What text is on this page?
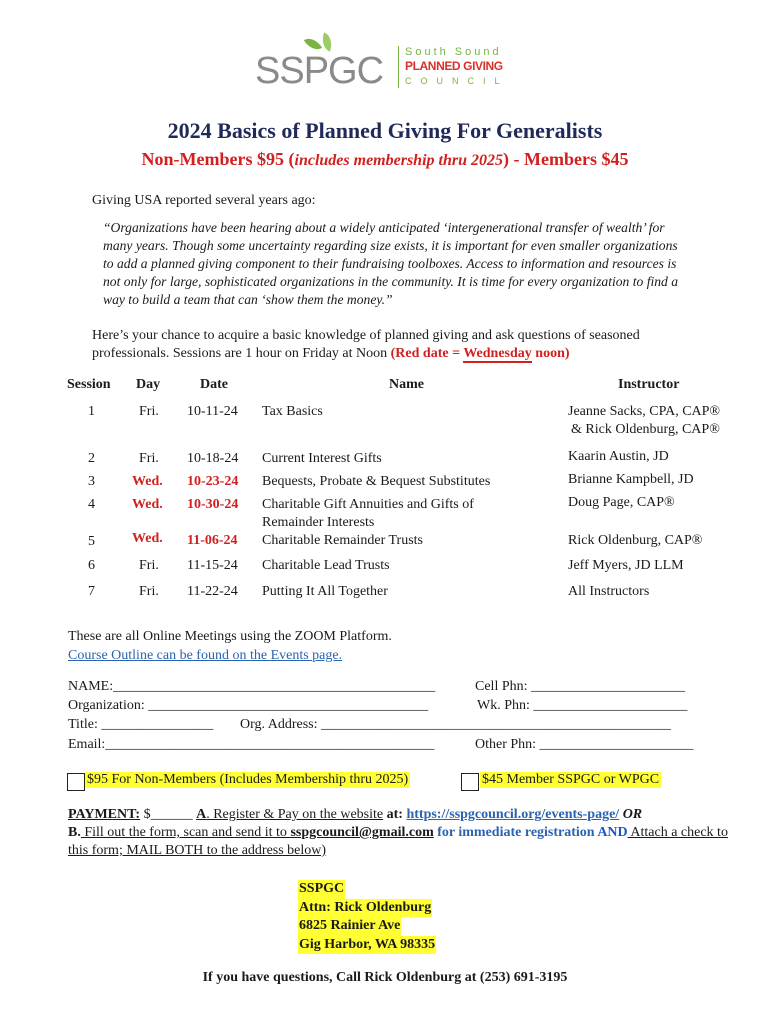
SSPGC South Sound
PLANNED GIVING
COUNCIL
2024 Basics of Planned Giving For Generalists
Non-Members $95 (includes membership thru 2025) - Members $45
Giving USA reported several years ago:
“Organizations have been hearing about a widely anticipated ‘intergenerational transfer of wealth’ for many years. Though some uncertainty regarding size exists, it is important for even smaller organizations to add a planned giving component to their fundraising toolboxes. Access to information and resources is not only for large, sophisticated organizations in the community. It is time for every organization to find a way to build a team that can ‘show them the money.”
Here’s your chance to acquire a basic knowledge of planned giving and ask questions of seasoned professionals. Sessions are 1 hour on Friday at Noon (Red date = Wednesday noon)
Session Day	Date	Name	Instructor
1	Fri. 10-11-24 Tax Basics	Jeanne Sacks, CPA, CAP®
& Rick Oldenburg, CAP®
2	Fri. 10-18-24 Current Interest Gifts	Kaarin Austin, JD
3	Wed. 10-23-24 Bequests, Probate & Bequest Substitutes	Brianne Kampbell, JD
4	Wed. 10-30-24 Charitable Gift Annuities and Gifts of
Remainder Interests
Doug Page, CAP®
5	Wed. 11-06-24 Charitable Remainder Trusts	Rick Oldenburg, CAP®
6	Fri. 11-15-24 Charitable Lead Trusts	Jeff Myers, JD LLM
7	Fri. 11-22-24 Putting It All Together	All Instructors
These are all Online Meetings using the ZOOM Platform.
Course Outline can be found on the Events page.
NAME:______________________________________________	Cell Phn: ______________________
Organization: ________________________________________	Wk. Phn: ______________________
Title: ________________ Org. Address: __________________________________________________
Email:_______________________________________________	Other Phn: ______________________
$95 For Non-Members (Includes Membership thru 2025)	$45 Member SSPGC or WPGC
PAYMENT: $______ A. Register & Pay on the website at: https://sspgcouncil.org/events-page/ OR
B. Fill out the form, scan and send it to sspgcouncil@gmail.com for immediate registration AND Attach a check to this form; MAIL BOTH to the address below)
SSPGC
Attn: Rick Oldenburg
6825 Rainier Ave
Gig Harbor, WA 98335
If you have questions, Call Rick Oldenburg at (253) 691-3195
